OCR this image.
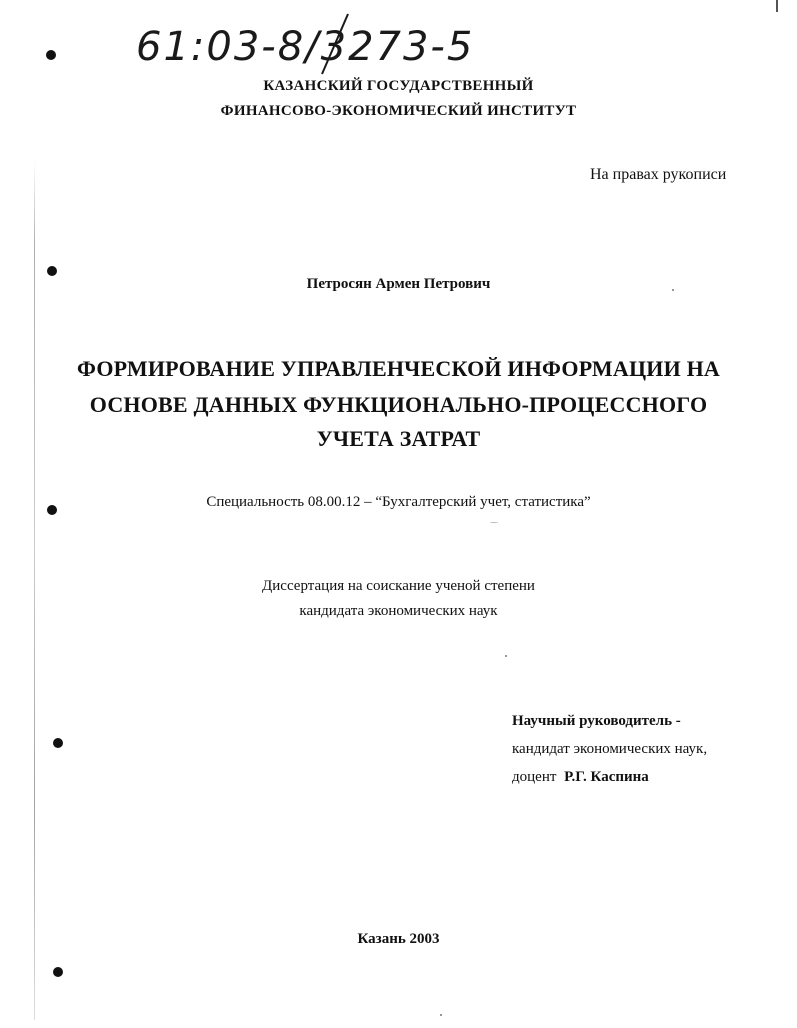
61:03-8/3273-5
КАЗАНСКИЙ ГОСУДАРСТВЕННЫЙ
ФИНАНСОВО-ЭКОНОМИЧЕСКИЙ ИНСТИТУТ
На правах рукописи
Петросян Армен Петрович
ФОРМИРОВАНИЕ УПРАВЛЕНЧЕСКОЙ ИНФОРМАЦИИ НА
ОСНОВЕ ДАННЫХ ФУНКЦИОНАЛЬНО-ПРОЦЕССНОГО
УЧЕТА ЗАТРАТ
Специальность 08.00.12 – “Бухгалтерский учет, статистика”
Диссертация на соискание ученой степени
кандидата экономических наук
Научный руководитель -
кандидат экономических наук,
доцент Р.Г. Каспина
Казань 2003
